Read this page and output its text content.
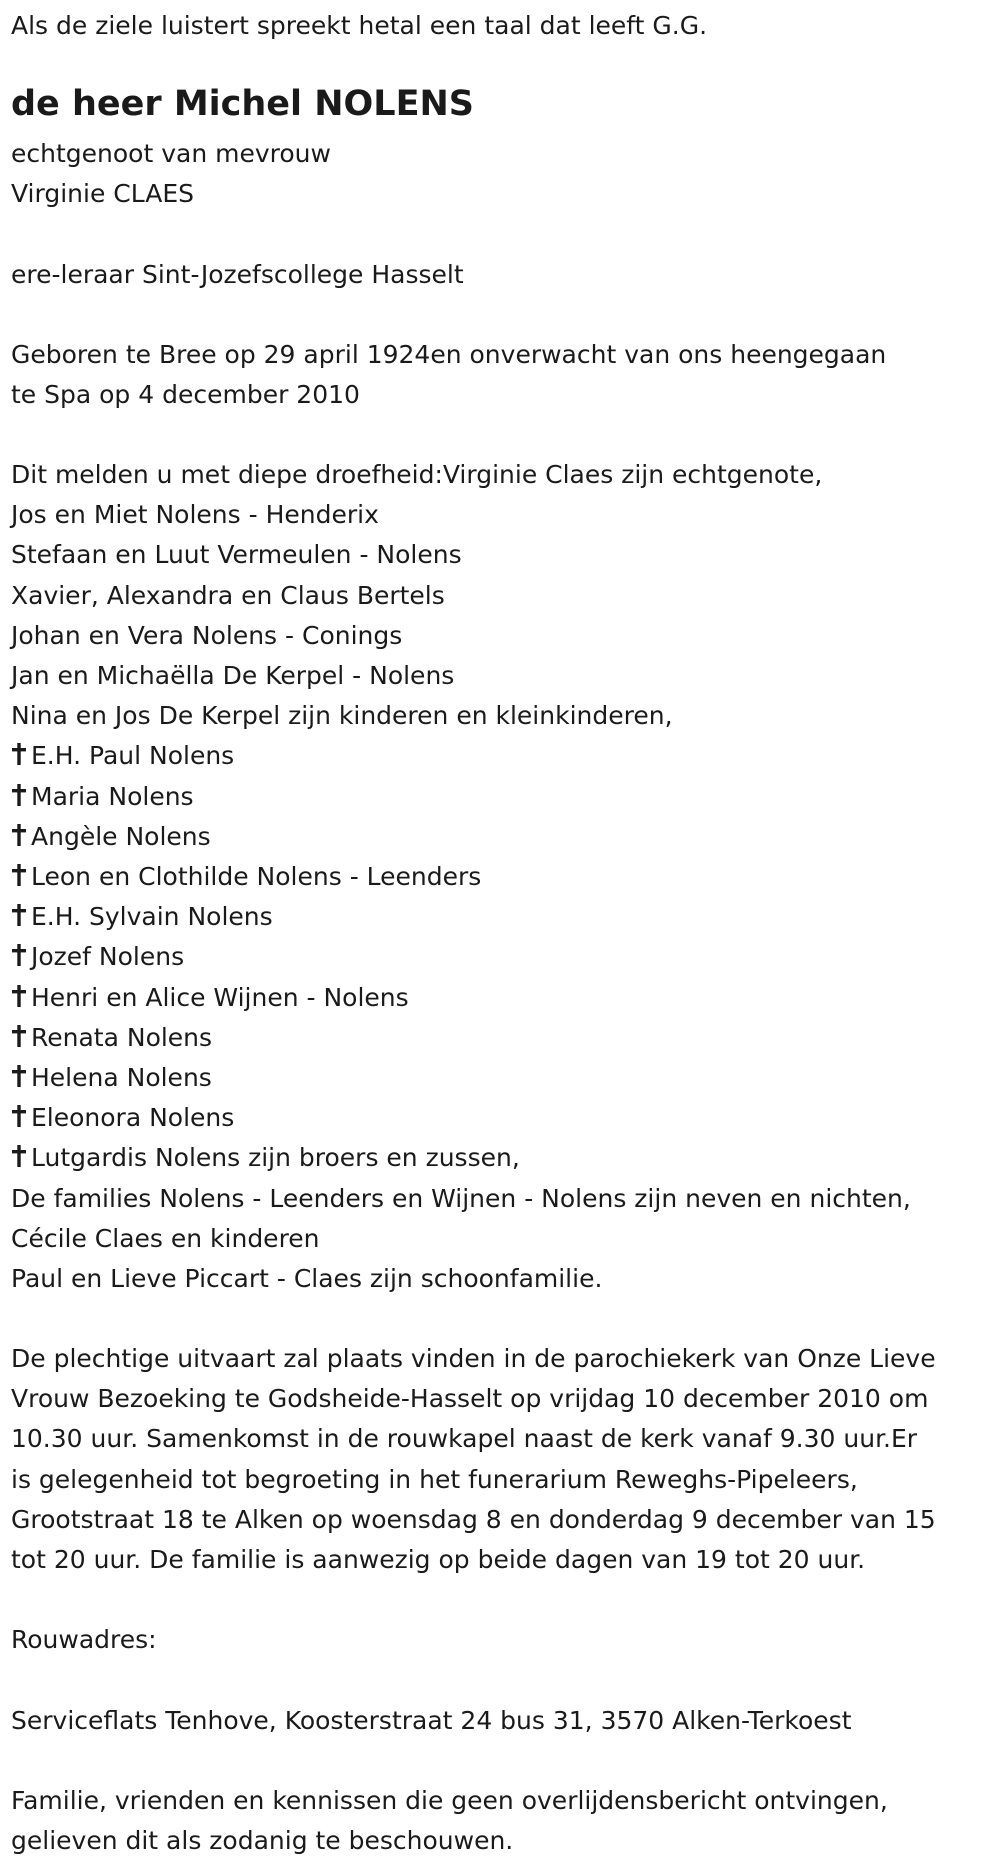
Als de ziele luistert spreekt hetal een taal dat leeft G.G.

de heer Michel NOLENS

echtgenoot van mevrouw

Virginie CLAES

ere-leraar Sint-Jozefscollege Hasselt

Geboren te Bree op 29 april 1924en onverwacht van ons heengegaan

te Spa op 4 december 2010

Dit melden u met diepe droefheid:Virginie Claes zijn echtgenote,

Jos en Miet Nolens - Henderix

Stefaan en Luut Vermeulen - Nolens

Xavier, Alexandra en Claus Bertels

Johan en Vera Nolens - Conings

Jan en Michaëlla De Kerpel - Nolens

Nina en Jos De Kerpel zijn kinderen en kleinkinderen,

E.H. Paul Nolens

Maria Nolens

Angèle Nolens

Leon en Clothilde Nolens - Leenders

E.H. Sylvain Nolens

Jozef Nolens

Henri en Alice Wijnen - Nolens

Renata Nolens

Helena Nolens

Eleonora Nolens

Lutgardis Nolens zijn broers en zussen,

De families Nolens - Leenders en Wijnen - Nolens zijn neven en nichten,

Cécile Claes en kinderen

Paul en Lieve Piccart - Claes zijn schoonfamilie.

De plechtige uitvaart zal plaats vinden in de parochiekerk van Onze Lieve

Vrouw Bezoeking te Godsheide-Hasselt op vrijdag 10 december 2010 om

10.30 uur. Samenkomst in de rouwkapel naast de kerk vanaf 9.30 uur.Er

is gelegenheid tot begroeting in het funerarium Reweghs-Pipeleers,

Grootstraat 18 te Alken op woensdag 8 en donderdag 9 december van 15

tot 20 uur. De familie is aanwezig op beide dagen van 19 tot 20 uur.

Rouwadres:

Serviceflats Tenhove, Koosterstraat 24 bus 31, 3570 Alken-Terkoest

Familie, vrienden en kennissen die geen overlijdensbericht ontvingen,

gelieven dit als zodanig te beschouwen.
